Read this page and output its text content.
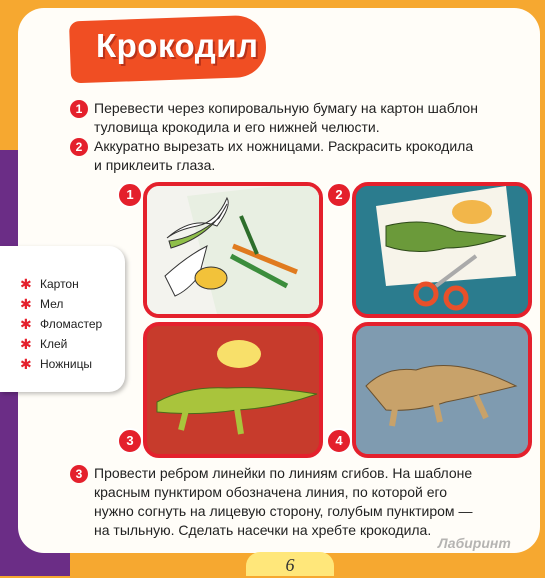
Крокодил
1 Перевести через копировальную бумагу на картон шаблон
туловища крокодила и его нижней челюсти.
2 Аккуратно вырезать их ножницами. Раскрасить крокодила
и приклеить глаза.
1	2
✱ Картон
✱ Мел
✱ Фломастер
✱ Клей
✱ Ножницы
3	4
3 Провести ребром линейки по линиям сгибов. На шаблоне
красным пунктиром обозначена линия, по которой его
нужно согнуть на лицевую сторону, голубым пунктиром —
на тыльную. Сделать насечки на хребте крокодила.
Лабиринт
6
